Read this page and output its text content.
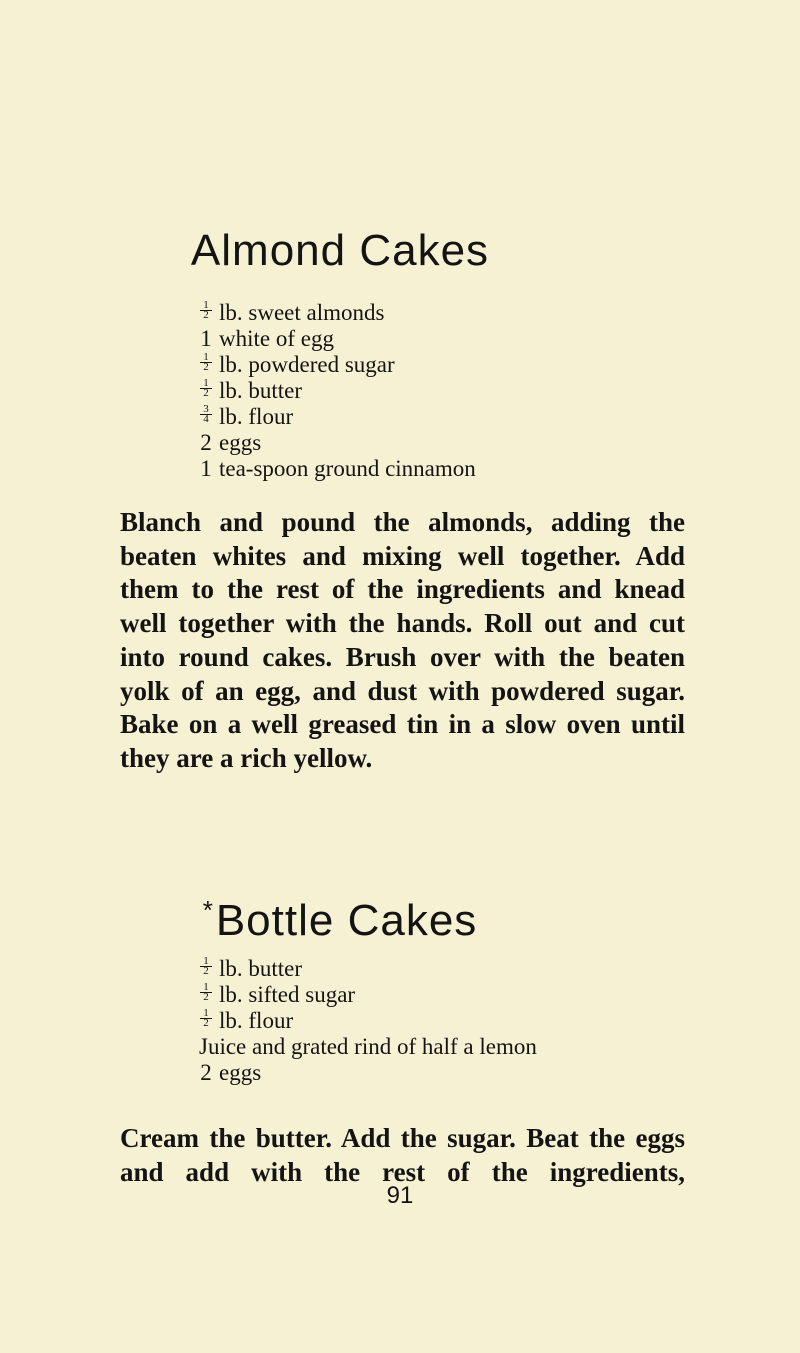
Almond Cakes
$\frac{1}{2}$ lb. sweet almonds
1 white of egg
$\frac{1}{2}$ lb. powdered sugar
$\frac{1}{2}$ lb. butter
$\frac{3}{4}$ lb. flour
2 eggs
1 tea-spoon ground cinnamon

Blanch and pound the almonds, adding the beaten whites and mixing well together. Add them to the rest of the ingredients and knead well together with the hands. Roll out and cut into round cakes. Brush over with the beaten yolk of an egg, and dust with powdered sugar. Bake on a well greased tin in a slow oven until they are a rich yellow.

*Bottle Cakes
$\frac{1}{2}$ lb. butter
$\frac{1}{2}$ lb. sifted sugar
$\frac{1}{2}$ lb. flour
Juice and grated rind of half a lemon
2 eggs

Cream the butter. Add the sugar. Beat the eggs and add with the rest of the ingredients,

91
